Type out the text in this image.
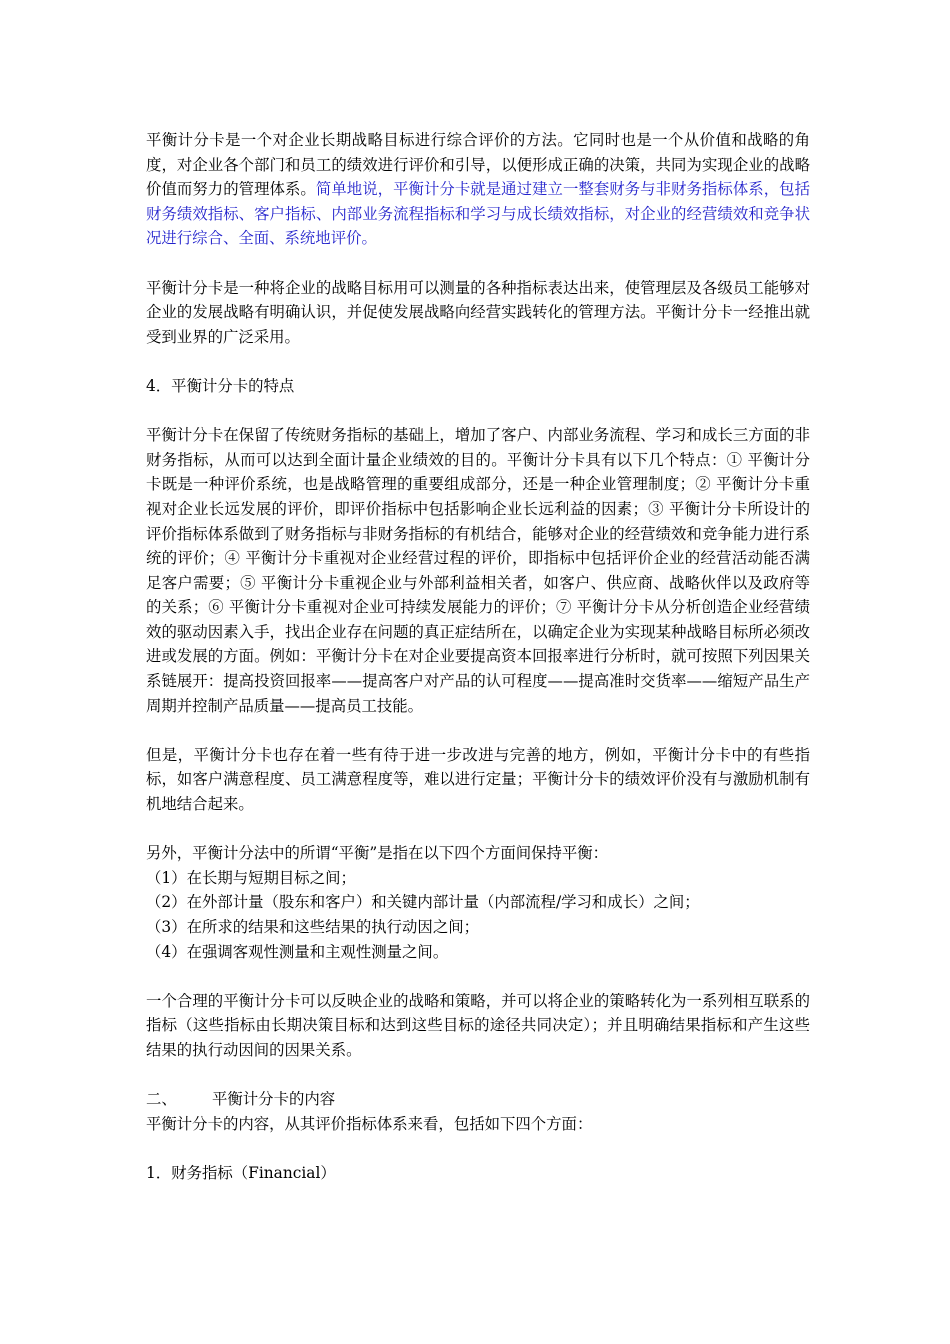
平衡计分卡是一个对企业长期战略目标进行综合评价的方法。它同时也是一个从价值和战略的角度，对企业各个部门和员工的绩效进行评价和引导，以便形成正确的决策，共同为实现企业的战略价值而努力的管理体系。简单地说，平衡计分卡就是通过建立一整套财务与非财务指标体系，包括财务绩效指标、客户指标、内部业务流程指标和学习与成长绩效指标，对企业的经营绩效和竞争状况进行综合、全面、系统地评价。

平衡计分卡是一种将企业的战略目标用可以测量的各种指标表达出来，使管理层及各级员工能够对企业的发展战略有明确认识，并促使发展战略向经营实践转化的管理方法。平衡计分卡一经推出就受到业界的广泛采用。

4．平衡计分卡的特点

平衡计分卡在保留了传统财务指标的基础上，增加了客户、内部业务流程、学习和成长三方面的非财务指标，从而可以达到全面计量企业绩效的目的。平衡计分卡具有以下几个特点：① 平衡计分卡既是一种评价系统，也是战略管理的重要组成部分，还是一种企业管理制度；② 平衡计分卡重视对企业长远发展的评价，即评价指标中包括影响企业长远利益的因素；③ 平衡计分卡所设计的评价指标体系做到了财务指标与非财务指标的有机结合，能够对企业的经营绩效和竞争能力进行系统的评价；④ 平衡计分卡重视对企业经营过程的评价，即指标中包括评价企业的经营活动能否满足客户需要；⑤ 平衡计分卡重视企业与外部利益相关者，如客户、供应商、战略伙伴以及政府等的关系；⑥ 平衡计分卡重视对企业可持续发展能力的评价；⑦ 平衡计分卡从分析创造企业经营绩效的驱动因素入手，找出企业存在问题的真正症结所在，以确定企业为实现某种战略目标所必须改进或发展的方面。例如：平衡计分卡在对企业要提高资本回报率进行分析时，就可按照下列因果关系链展开：提高投资回报率——提高客户对产品的认可程度——提高准时交货率——缩短产品生产周期并控制产品质量——提高员工技能。

但是，平衡计分卡也存在着一些有待于进一步改进与完善的地方，例如，平衡计分卡中的有些指标，如客户满意程度、员工满意程度等，难以进行定量；平衡计分卡的绩效评价没有与激励机制有机地结合起来。

另外，平衡计分法中的所谓“平衡”是指在以下四个方面间保持平衡：

（1）在长期与短期目标之间；

（2）在外部计量（股东和客户）和关键内部计量（内部流程/学习和成长）之间；

（3）在所求的结果和这些结果的执行动因之间；

（4）在强调客观性测量和主观性测量之间。

一个合理的平衡计分卡可以反映企业的战略和策略，并可以将企业的策略转化为一系列相互联系的指标（这些指标由长期决策目标和达到这些目标的途径共同决定）；并且明确结果指标和产生这些结果的执行动因间的因果关系。

二、	平衡计分卡的内容

平衡计分卡的内容，从其评价指标体系来看，包括如下四个方面：

1．财务指标（Financial）
